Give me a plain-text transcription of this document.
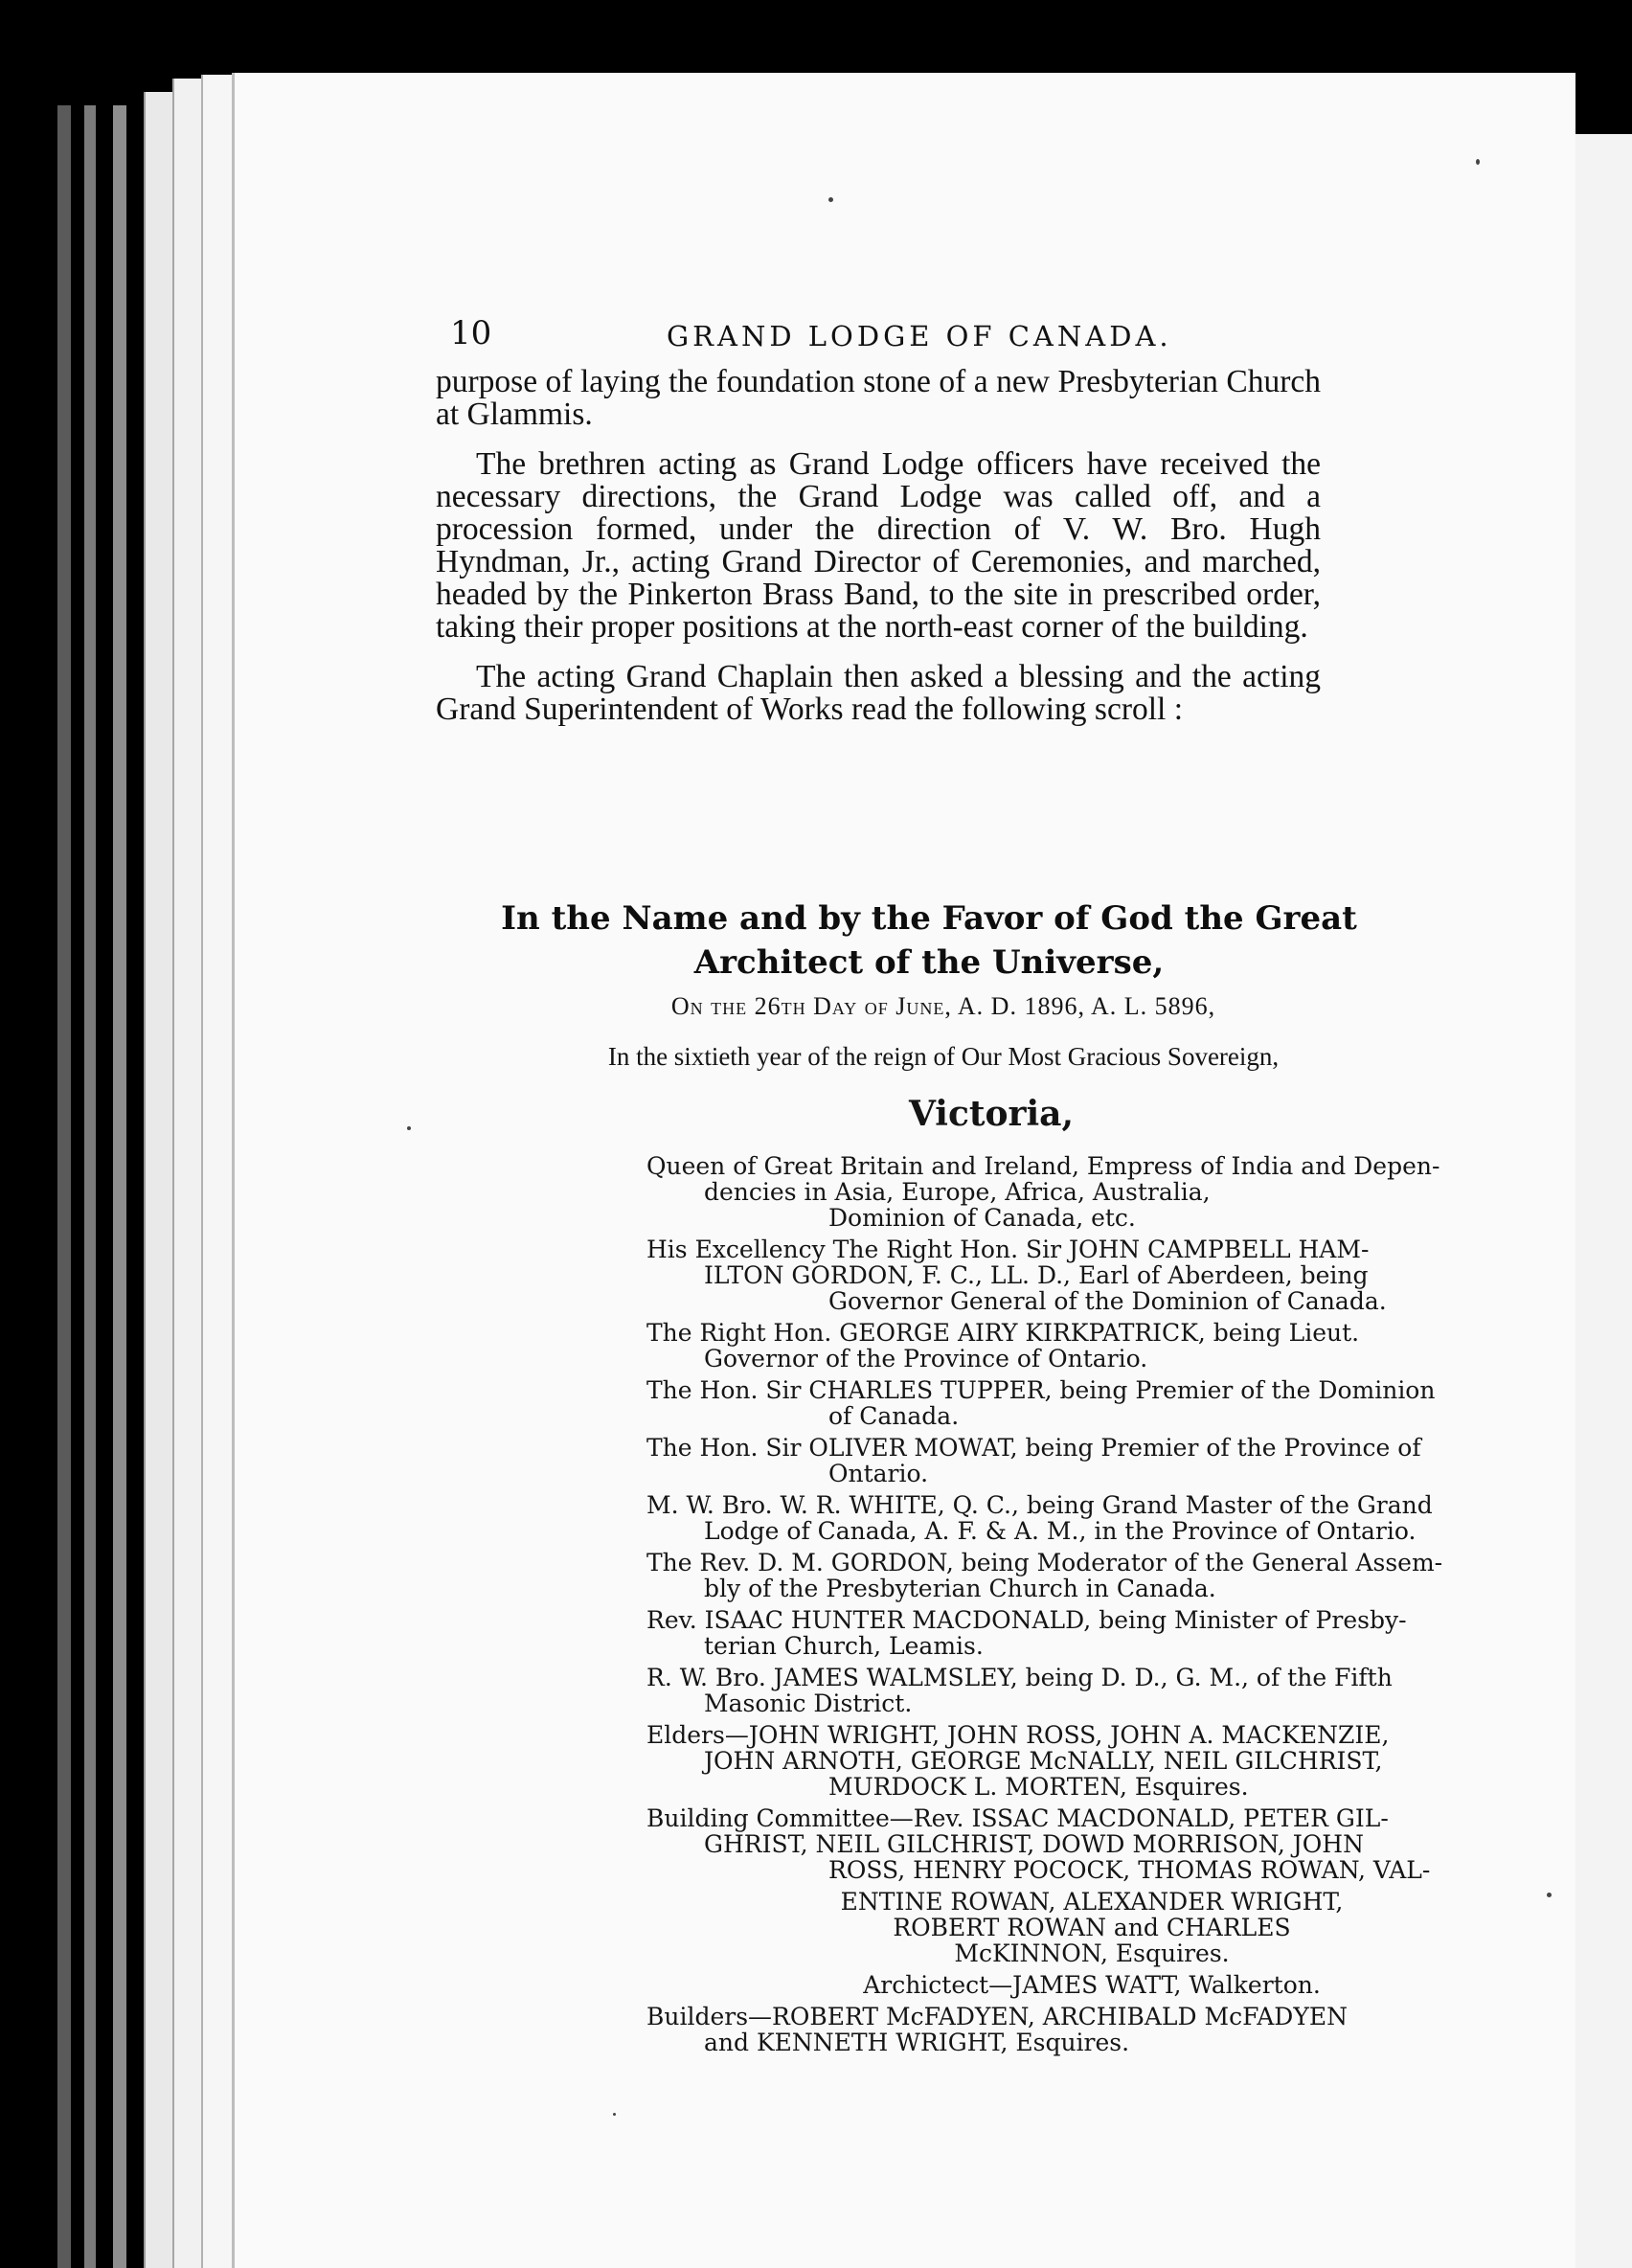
10	GRAND LODGE OF CANADA.

purpose of laying the foundation stone of a new Presbyterian Church at Glammis.

The brethren acting as Grand Lodge officers have received the necessary directions, the Grand Lodge was called off, and a procession formed, under the direction of V. W. Bro. Hugh Hyndman, Jr., acting Grand Director of Ceremonies, and marched, headed by the Pinkerton Brass Band, to the site in prescribed order, taking their proper positions at the north-east corner of the building.

The acting Grand Chaplain then asked a blessing and the acting Grand Superintendent of Works read the following scroll :

In the Name and by the Favor of God the Great
Architect of the Universe,
On the 26th Day of June, A. D. 1896, A. L. 5896,
In the sixtieth year of the reign of Our Most Gracious Sovereign,
Victoria,
Queen of Great Britain and Ireland, Empress of India and Depen-
dencies in Asia, Europe, Africa, Australia,
Dominion of Canada, etc.
His Excellency The Right Hon. Sir JOHN CAMPBELL HAM-
ILTON GORDON, F. C., LL. D., Earl of Aberdeen, being
Governor General of the Dominion of Canada.
The Right Hon. GEORGE AIRY KIRKPATRICK, being Lieut.
Governor of the Province of Ontario.
The Hon. Sir CHARLES TUPPER, being Premier of the Dominion
of Canada.
The Hon. Sir OLIVER MOWAT, being Premier of the Province of
Ontario.
M. W. Bro. W. R. WHITE, Q. C., being Grand Master of the Grand
Lodge of Canada, A. F. & A. M., in the Province of Ontario.
The Rev. D. M. GORDON, being Moderator of the General Assem-
bly of the Presbyterian Church in Canada.
Rev. ISAAC HUNTER MACDONALD, being Minister of Presby-
terian Church, Leamis.
R. W. Bro. JAMES WALMSLEY, being D. D., G. M., of the Fifth
Masonic District.
Elders—JOHN WRIGHT, JOHN ROSS, JOHN A. MACKENZIE,
JOHN ARNOTH, GEORGE McNALLY, NEIL GILCHRIST,
MURDOCK L. MORTEN, Esquires.
Building Committee—Rev. ISSAC MACDONALD, PETER GIL-
GHRIST, NEIL GILCHRIST, DOWD MORRISON, JOHN
ROSS, HENRY POCOCK, THOMAS ROWAN, VAL-
ENTINE ROWAN, ALEXANDER WRIGHT,
ROBERT ROWAN and CHARLES
McKINNON, Esquires.
Archictect—JAMES WATT, Walkerton.
Builders—ROBERT McFADYEN, ARCHIBALD McFADYEN
and KENNETH WRIGHT, Esquires.
